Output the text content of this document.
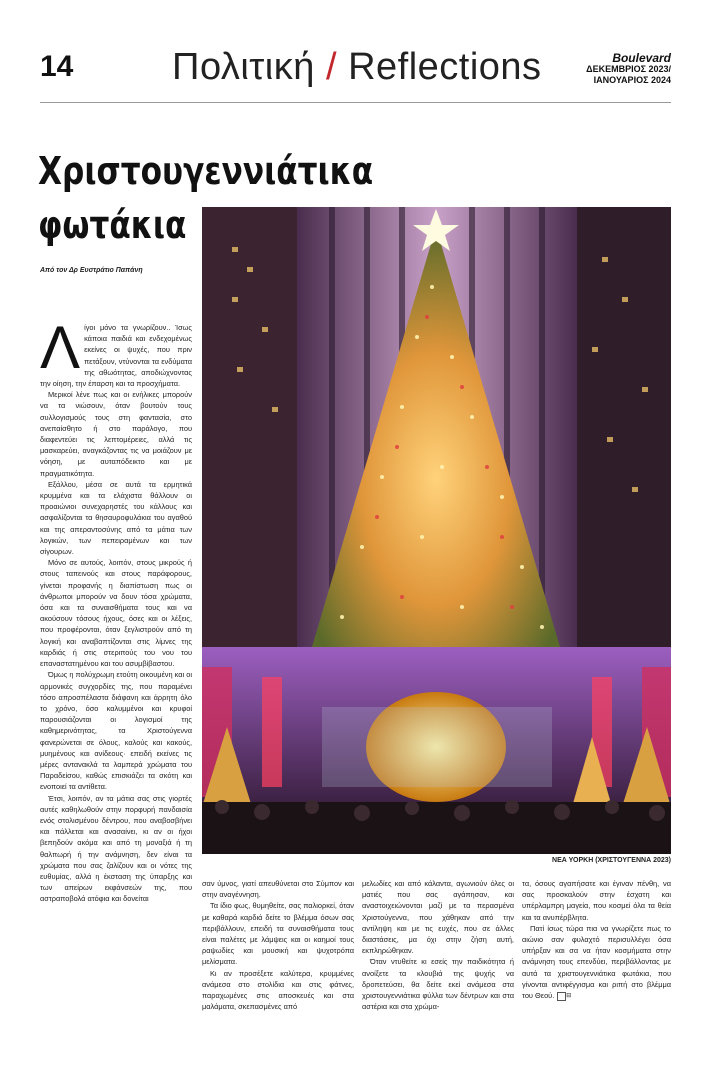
14	Πολιτική / Reflections	Boulevard
ΔΕΚΕΜΒΡΙΟΣ 2023/
ΙΑΝΟΥΑΡΙΟΣ 2024
Χριστουγεννιάτικα
φωτάκια
Από τον Δρ Ευστράτιο Παπάνη
ΝΕΑ ΥΟΡΚΗ (ΧΡΙΣΤΟΥΓΕΝΝΑ 2023)
Λ ίγοι μόνο τα γνωρίζουν.. Ίσως κάποια παιδιά και ενδεχομένως εκείνες οι ψυχές, που πριν πετάξουν, ντύνονται τα ενδύματα της αθωότητας, αποδιώχνοντας την οίηση, την έπαρση και τα προσχήματα.

Μερικοί λένε πως και οι ενήλικες μπορούν να τα νιώσουν, όταν βουτούν τους συλλογισμούς τους στη φαντασία, στο ανεπαίσθητο ή στο παράλογο, που διαφεντεύει τις λεπτομέρειες, αλλά τις μασκαρεύει, αναγκάζοντας τις να μοιάζουν με νόηση, με αυταπόδεικτο και με πραγματικότητα.

Εξάλλου, μέσα σε αυτά τα ερμητικά κρυμμένα και τα ελάχιστα θάλλουν οι προαιώνιοι συνεχαρηστές του κάλλους και ασφαλίζονται τα θησαυροφυλάκια του αγαθού και της απεραντοσύνης από τα μάτια των λογικών, των πεπειραμένων και των σίγουρων.

Μόνο σε αυτούς, λοιπόν, στους μικρούς ή στους ταπεινούς και στους παράφορους, γίνεται προφανής η διαπίστωση πως οι άνθρωποι μπορούν να δουν τόσα χρώματα, όσα και τα συναισθήματα τους και να ακούσουν τόσους ήχους, όσες και οι λέξεις, που προφέρονται, όταν ξεγλιστρούν από τη λογική και αναβαπτίζονται στις λίμνες της καρδιάς ή στις στεριπούς του νου του επαναστατημένου και του ασυμβίβαστου.

Όμως η πολύχρωμη ετούτη οικουμένη και οι αρμονικές συγχορδίες της, που παραμένει τόσο απροσπέλαστα διάφανη και άρρητη όλο το χρόνο, όσο καλυμμένοι και κρυφοί παρουσιάζονται οι λογισμοί της καθημερινότητας, τα Χριστούγεννα φανερώνεται σε όλους, καλούς και κακούς, μυημένους και ανίδεους· επειδή εκείνες τις μέρες αντανακλά τα λαμπερά χρώματα του Παραδείσου, καθώς επισκιάζει τα σκότη και ενοποιεί τα αντίθετα.

Έτσι, λοιπόν, αν τα μάτια σας στις γιορτές αυτές καθηλωθούν στην πορφυρή πανδαισία ενός στολισμένου δέντρου, που αναβοσβήνει και πάλλεται και ανασαίνει, κι αν οι ήχοι βεπηδούν ακόμα και από τη μοναξιά ή τη θαλπωρή ή την ανάμνηση, δεν είναι τα χρώματα που σας ζαλίζουν και οι νότες της ευθυμίας, αλλά η έκσταση της ύπαρξης και των απείρων εκφάνσεών της, που αστραποβολά ατόφια και δονείται

σαν ύμνος, γιατί απευθύνεται στο Σύμπον και στην αναγέννηση.

Τα ίδιο φως, θυμηθείτε, σας παλιορκεί, όταν με καθαρά καρδιά δείτε το βλέμμα όσων σας περιβάλλουν, επειδή τα συναισθήματα τους είναι παλέτες με λάμψεις και οι καημοί τους ραψωδίες και μουσική και ψυχοτρόπα μελίσματα.

Κι αν προσέξετε καλύτερα, κρυμμένες ανάμεσα στο στολίδια και στις φάτνες, παραχωμένες στις αποσκευές και στα μαλάματα, σκεπασμένες από

μελωδίες και από κάλαντα, αγωνιούν όλες οι ματιές που σας αγάπησαν, και αναστοιχειώνονται μαζί με τα περασμένα Χριστούγεννα, που χάθηκαν από την αντίληψη και με τις ευχές, που σε άλλες διαστάσεις, μα όχι στην ζήση αυτή, εκπληρώθηκαν.

Όταν ντυθείτε κι εσείς την παιδικότητα ή ανοίξετε τα κλουβιά της ψυχής να δροπετεύσει, θα δείτε εκεί ανάμεσα στα χριστουγεννιάτικα φύλλα των δέντρων και στα αστέρια και στα χρώμα-

τα, όσους αγαπήσατε και έγιναν πένθη, να σας προσκαλούν στην έσχατη και υπέρλαμπρη μαγεία, που κοσμεί όλα τα θεία και τα ανυπέρβλητα.

Πατί ίσως τώρα πια να γνωρίζετε πως το αιώνιο σαν φυλαχτό περισυλλέγει όσα υπήρξαν και σα να ήταν κοσμήματα στην ανάμνηση τους επενδύει, περιβάλλοντας με αυτά τα χριστουγεννιάτικα φωτάκια, που γίνονται αντιφέγγισμα και ριπή στο βλέμμα του Θεού. ⊟
